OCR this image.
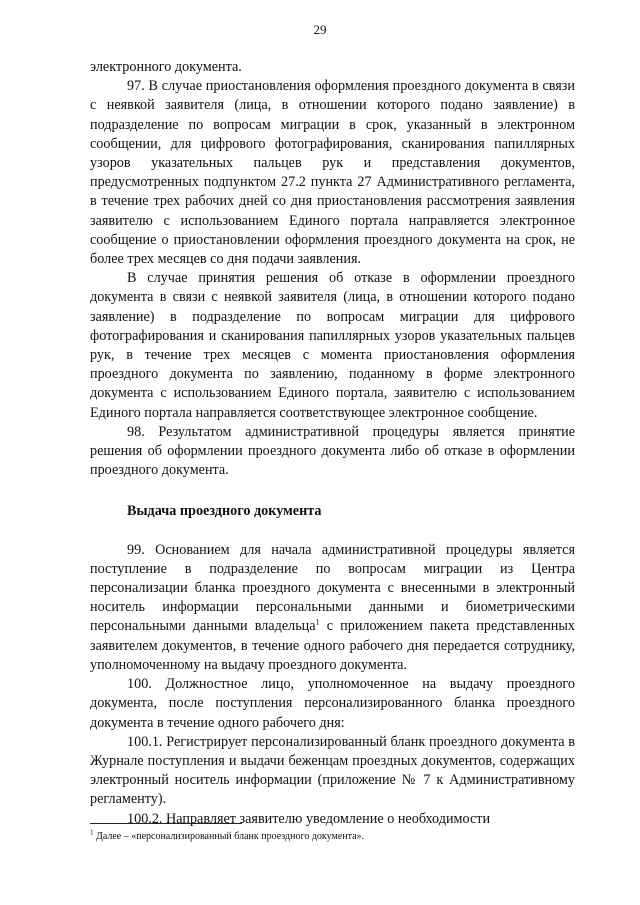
29

электронного документа.

97. В случае приостановления оформления проездного документа в связи с неявкой заявителя (лица, в отношении которого подано заявление) в подразделение по вопросам миграции в срок, указанный в электронном сообщении, для цифрового фотографирования, сканирования папиллярных узоров указательных пальцев рук и представления документов, предусмотренных подпунктом 27.2 пункта 27 Административного регламента, в течение трех рабочих дней со дня приостановления рассмотрения заявления заявителю с использованием Единого портала направляется электронное сообщение о приостановлении оформления проездного документа на срок, не более трех месяцев со дня подачи заявления.

В случае принятия решения об отказе в оформлении проездного документа в связи с неявкой заявителя (лица, в отношении которого подано заявление) в подразделение по вопросам миграции для цифрового фотографирования и сканирования папиллярных узоров указательных пальцев рук, в течение трех месяцев с момента приостановления оформления проездного документа по заявлению, поданному в форме электронного документа с использованием Единого портала, заявителю с использованием Единого портала направляется соответствующее электронное сообщение.

98. Результатом административной процедуры является принятие решения об оформлении проездного документа либо об отказе в оформлении проездного документа.

Выдача проездного документа

99. Основанием для начала административной процедуры является поступление в подразделение по вопросам миграции из Центра персонализации бланка проездного документа с внесенными в электронный носитель информации персональными данными и биометрическими персональными данными владельца$^1$ с приложением пакета представленных заявителем документов, в течение одного рабочего дня передается сотруднику, уполномоченному на выдачу проездного документа.

100. Должностное лицо, уполномоченное на выдачу проездного документа, после поступления персонализированного бланка проездного документа в течение одного рабочего дня:

100.1. Регистрирует персонализированный бланк проездного документа в Журнале поступления и выдачи беженцам проездных документов, содержащих электронный носитель информации (приложение № 7 к Административному регламенту).

100.2. Направляет заявителю уведомление о необходимости

$^1$ Далее – «персонализированный бланк проездного документа».
